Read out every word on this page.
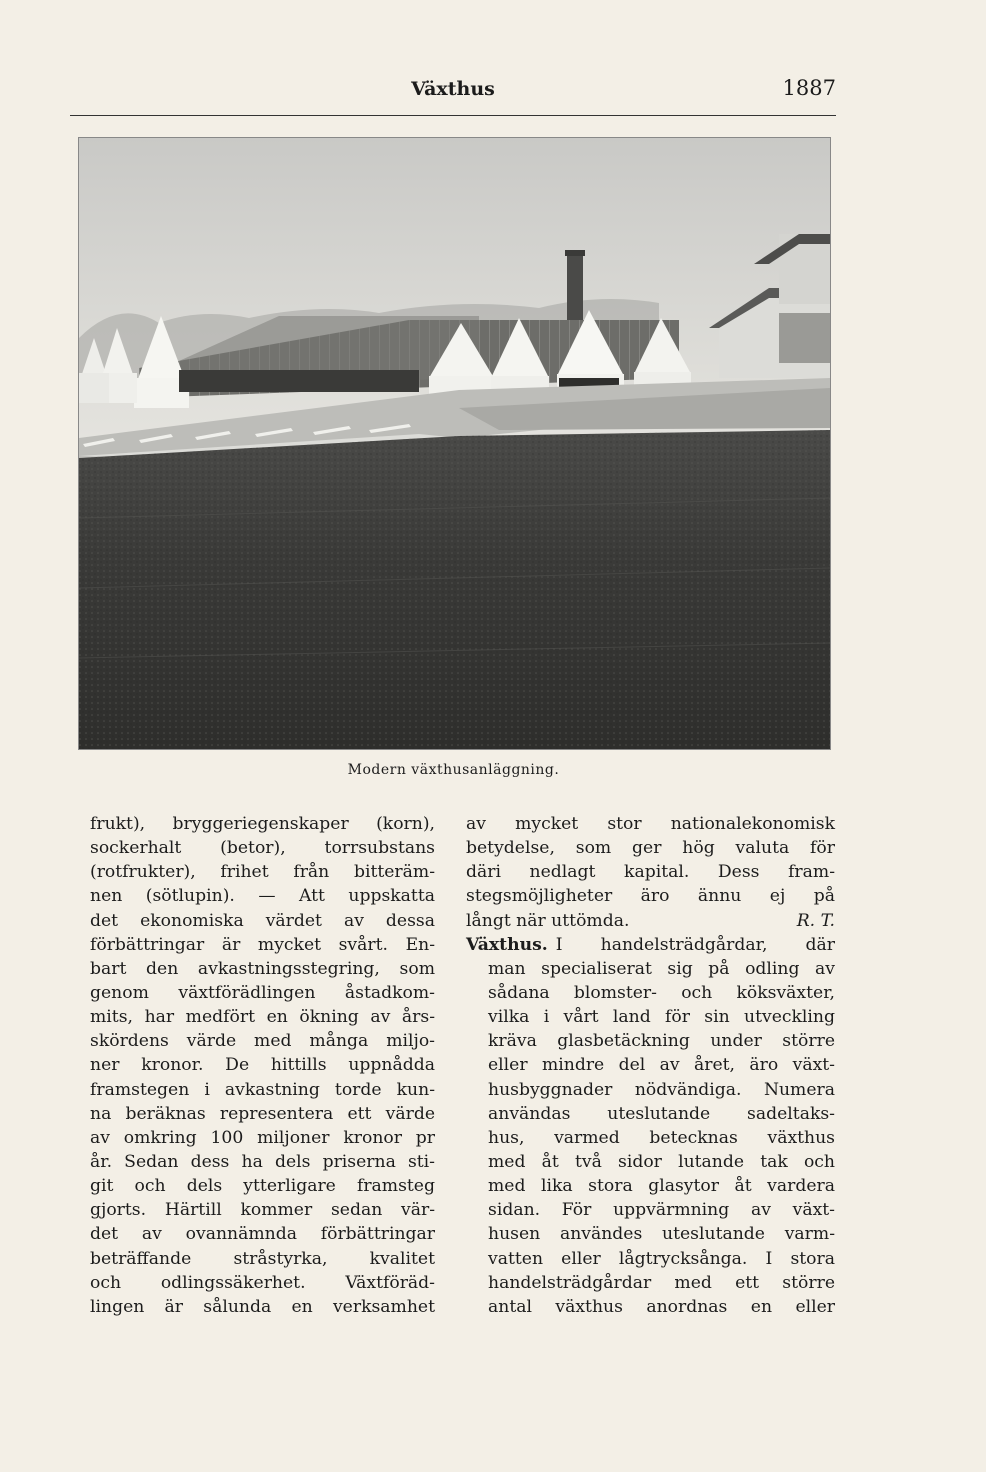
Växthus	1887
Modern växthusanläggning.
frukt), bryggeriegenskaper (korn),
sockerhalt (betor), torrsubstans
(rotfrukter), frihet från bitteräm-
nen (sötlupin). — Att uppskatta
det ekonomiska värdet av dessa
förbättringar är mycket svårt. En-
bart den avkastningsstegring, som
genom växtförädlingen åstadkom-
mits, har medfört en ökning av års-
skördens värde med många miljo-
ner kronor. De hittills uppnådda
framstegen i avkastning torde kun-
na beräknas representera ett värde
av omkring 100 miljoner kronor pr
år. Sedan dess ha dels priserna sti-
git och dels ytterligare framsteg
gjorts. Härtill kommer sedan vär-
det av ovannämnda förbättringar
beträffande stråstyrka, kvalitet
och odlingssäkerhet. Växtföräd-
lingen är sålunda en verksamhet
av mycket stor nationalekonomisk
betydelse, som ger hög valuta för
däri nedlagt kapital. Dess fram-
stegsmöjligheter äro ännu ej på
långt när uttömda.	R. T.
Växthus. I handelsträdgårdar, där
man specialiserat sig på odling av
sådana blomster- och köksväxter,
vilka i vårt land för sin utveckling
kräva glasbetäckning under större
eller mindre del av året, äro växt-
husbyggnader nödvändiga. Numera
användas uteslutande sadeltaks-
hus, varmed betecknas växthus
med åt två sidor lutande tak och
med lika stora glasytor åt vardera
sidan. För uppvärmning av växt-
husen användes uteslutande varm-
vatten eller lågtrycksånga. I stora
handelsträdgårdar med ett större
antal växthus anordnas en eller
